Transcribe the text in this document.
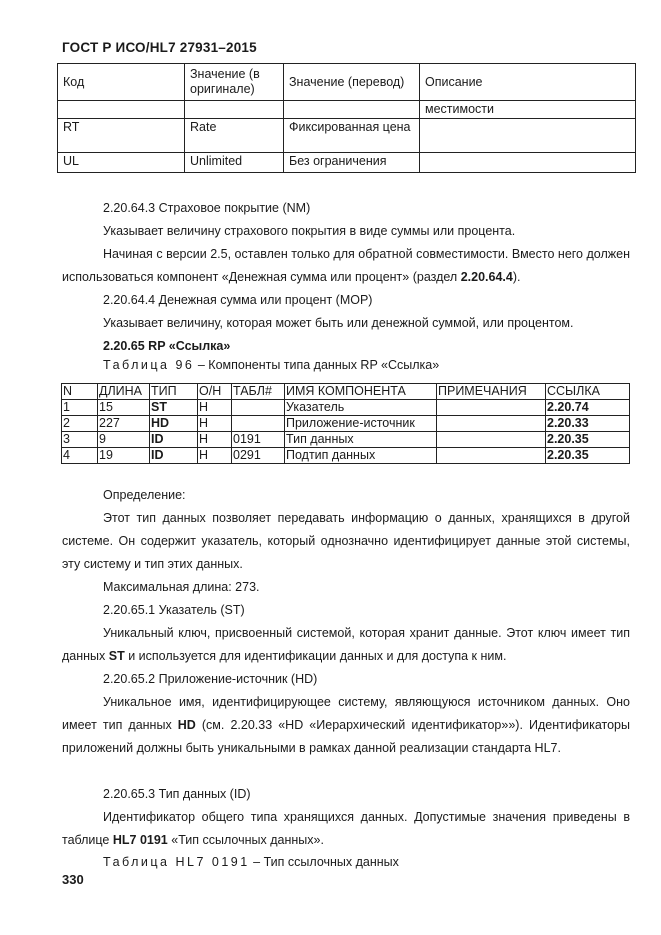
ГОСТ Р ИСО/HL7 27931–2015
Код	Значение (в оригинале)	Значение (перевод)	Описание
			местимости
RT	Rate	Фиксированная цена	
UL	Unlimited	Без ограничения	
2.20.64.3 Страховое покрытие (NM)
Указывает величину страхового покрытия в виде суммы или процента.
Начиная с версии 2.5, оставлен только для обратной совместимости. Вместо него должен использоваться компонент «Денежная сумма или процент» (раздел 2.20.64.4).
2.20.64.4 Денежная сумма или процент (MOP)
Указывает величину, которая может быть или денежной суммой, или процентом.
2.20.65 RP «Ссылка»
Таблица 96 – Компоненты типа данных RP «Ссылка»
N	ДЛИНА	ТИП	О/Н	ТАБЛ#	ИМЯ КОМПОНЕНТА	ПРИМЕЧАНИЯ	ССЫЛКА
1	15	ST	H		Указатель		2.20.74
2	227	HD	H		Приложение-источник		2.20.33
3	9	ID	H	0191	Тип данных		2.20.35
4	19	ID	H	0291	Подтип данных		2.20.35
Определение:
Этот тип данных позволяет передавать информацию о данных, хранящихся в другой системе. Он содержит указатель, который однозначно идентифицирует данные этой системы, эту систему и тип этих данных.
Максимальная длина: 273.
2.20.65.1 Указатель (ST)
Уникальный ключ, присвоенный системой, которая хранит данные. Этот ключ имеет тип данных ST и используется для идентификации данных и для доступа к ним.
2.20.65.2 Приложение-источник (HD)
Уникальное имя, идентифицирующее систему, являющуюся источником данных. Оно имеет тип данных HD (см. 2.20.33 «HD «Иерархический идентификатор»»). Идентификаторы приложений должны быть уникальными в рамках данной реализации стандарта HL7.
2.20.65.3 Тип данных (ID)
Идентификатор общего типа хранящихся данных. Допустимые значения приведены в таблице HL7 0191 «Тип ссылочных данных».
Таблица HL7 0191 – Тип ссылочных данных
330
